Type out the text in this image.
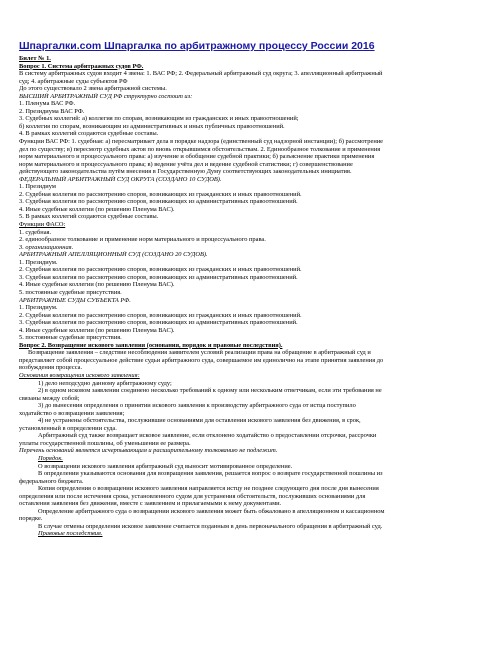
Шпаргалки.com Шпаргалка по арбитражному процессу России 2016
Билет № 1.
Вопрос 1. Система арбитражных судов РФ.
В систему арбитражных судов входит 4 звена: 1. ВАС РФ; 2. Федеральный арбитражный суд округа; 3. апелляционный арбитражный
суд; 4. арбитражные суды субъектов РФ
До этого существовало 2 звена арбитражной системы.
ВЫСШИЙ АРБИТРАЖНЫЙ СУД РФ структурно состоит из:
1. Пленума ВАС РФ.
2. Президиума ВАС РФ.
3. Судебных коллегий: а) коллегия по спорам, возникающим из гражданских и иных правоотношений;
б) коллегия по спорам, возникающим из административных и иных публичных правоотношений.
4. В рамках коллегий создаются судебные составы.
Функции ВАС РФ: 1. судебная: а) пересматривает дела в порядке надзора (единственный суд надзорной инстанции); б) рассмотрение
дел по существу; в) пересмотр судебных актов по вновь открывшимся обстоятельствам. 2. Единообразное толкование и применения
норм материального и процессуального права: а) изучение и обобщение судебной практики; б) разъяснение практики применения
норм материального и процессуального права; в) ведение учёта дел и ведение судебной статистики; г) совершенствование
действующего законодательства путём внесения в Государственную Думу соответствующих законодательных инициатив.
ФЕДЕРАЛЬНЫЙ АРБИТРАЖНЫЙ СУД ОКРУГА (СОЗДАНО 10 СУДОВ).
1. Президиум
2. Судебная коллегия по рассмотрению споров, возникающих из гражданских и иных правоотношений.
3. Судебная коллегия по рассмотрению споров, возникающих из административных правоотношений.
4. Иные судебные коллегии (по решению Пленума ВАС).
5. В рамках коллегий создаются судебные составы.
Функции ФАСО:
1. судебная.
2. единообразное толкование и применение норм материального и процессуального права.
3. организационная.
АРБИТРАЖНЫЙ АПЕЛЛЯЦИОННЫЙ СУД (СОЗДАНО 20 СУДОВ).
1. Президиум.
2. Судебная коллегия по рассмотрению споров, возникающих из гражданских и иных правоотношений.
3. Судебная коллегия по рассмотрению споров, возникающих из административных правоотношений.
4. Иные судебные коллегии (по решению Пленума ВАС).
5. постоянные судебные присутствия.
АРБИТРАЖНЫЕ СУДЫ СУБЪЕКТА РФ.
1. Президиум.
2. Судебная коллегия по рассмотрению споров, возникающих из гражданских и иных правоотношений.
3. Судебная коллегия по рассмотрению споров, возникающих из административных правоотношений.
4. Иные судебные коллегии (по решению Пленума ВАС).
5. постоянные судебные присутствия.
Вопрос 2. Возвращение искового заявления (основания, порядок и правовые последствия).
Возвращение заявления – следствие несоблюдения заявителем условий реализации права на обращение в арбитражный суд и
представляет собой процессуальное действие судьи арбитражного суда, совершаемое им единолично на этапе принятия заявления до
возбуждения процесса.
Основания возвращения искового заявления:
1) дело неподсудно данному арбитражному суду;
2) в одном исковом заявлении соединено несколько требований к одному или нескольким ответчикам, если эти требования не
связаны между собой;
3) до вынесения определения о принятии искового заявления к производству арбитражного суда от истца поступило
ходатайство о возвращении заявления;
4) не устранены обстоятельства, послужившие основаниями для оставления искового заявления без движения, в срок,
установленный в определении суда.
Арбитражный суд также возвращает исковое заявление, если отклонено ходатайство о предоставлении отсрочки, рассрочки
уплаты государственной пошлины, об уменьшении ее размера.
Перечень оснований является исчерпывающим и расширительному толкованию не подлежит.
Порядок.
О возвращении искового заявления арбитражный суд выносит мотивированное определение.
В определении указываются основания для возвращения заявления, решается вопрос о возврате государственной пошлины из
федерального бюджета.
Копия определения о возвращении искового заявления направляется истцу не позднее следующего дня после дня вынесения
определения или после истечения срока, установленного судом для устранения обстоятельств, послуживших основаниями для
оставления заявления без движения, вместе с заявлением и прилагаемыми к нему документами.
Определение арбитражного суда о возвращении искового заявления может быть обжаловано в апелляционном и кассационном
порядке.
В случае отмены определения исковое заявление считается поданным в день первоначального обращения в арбитражный суд.
Правовые последствия.
